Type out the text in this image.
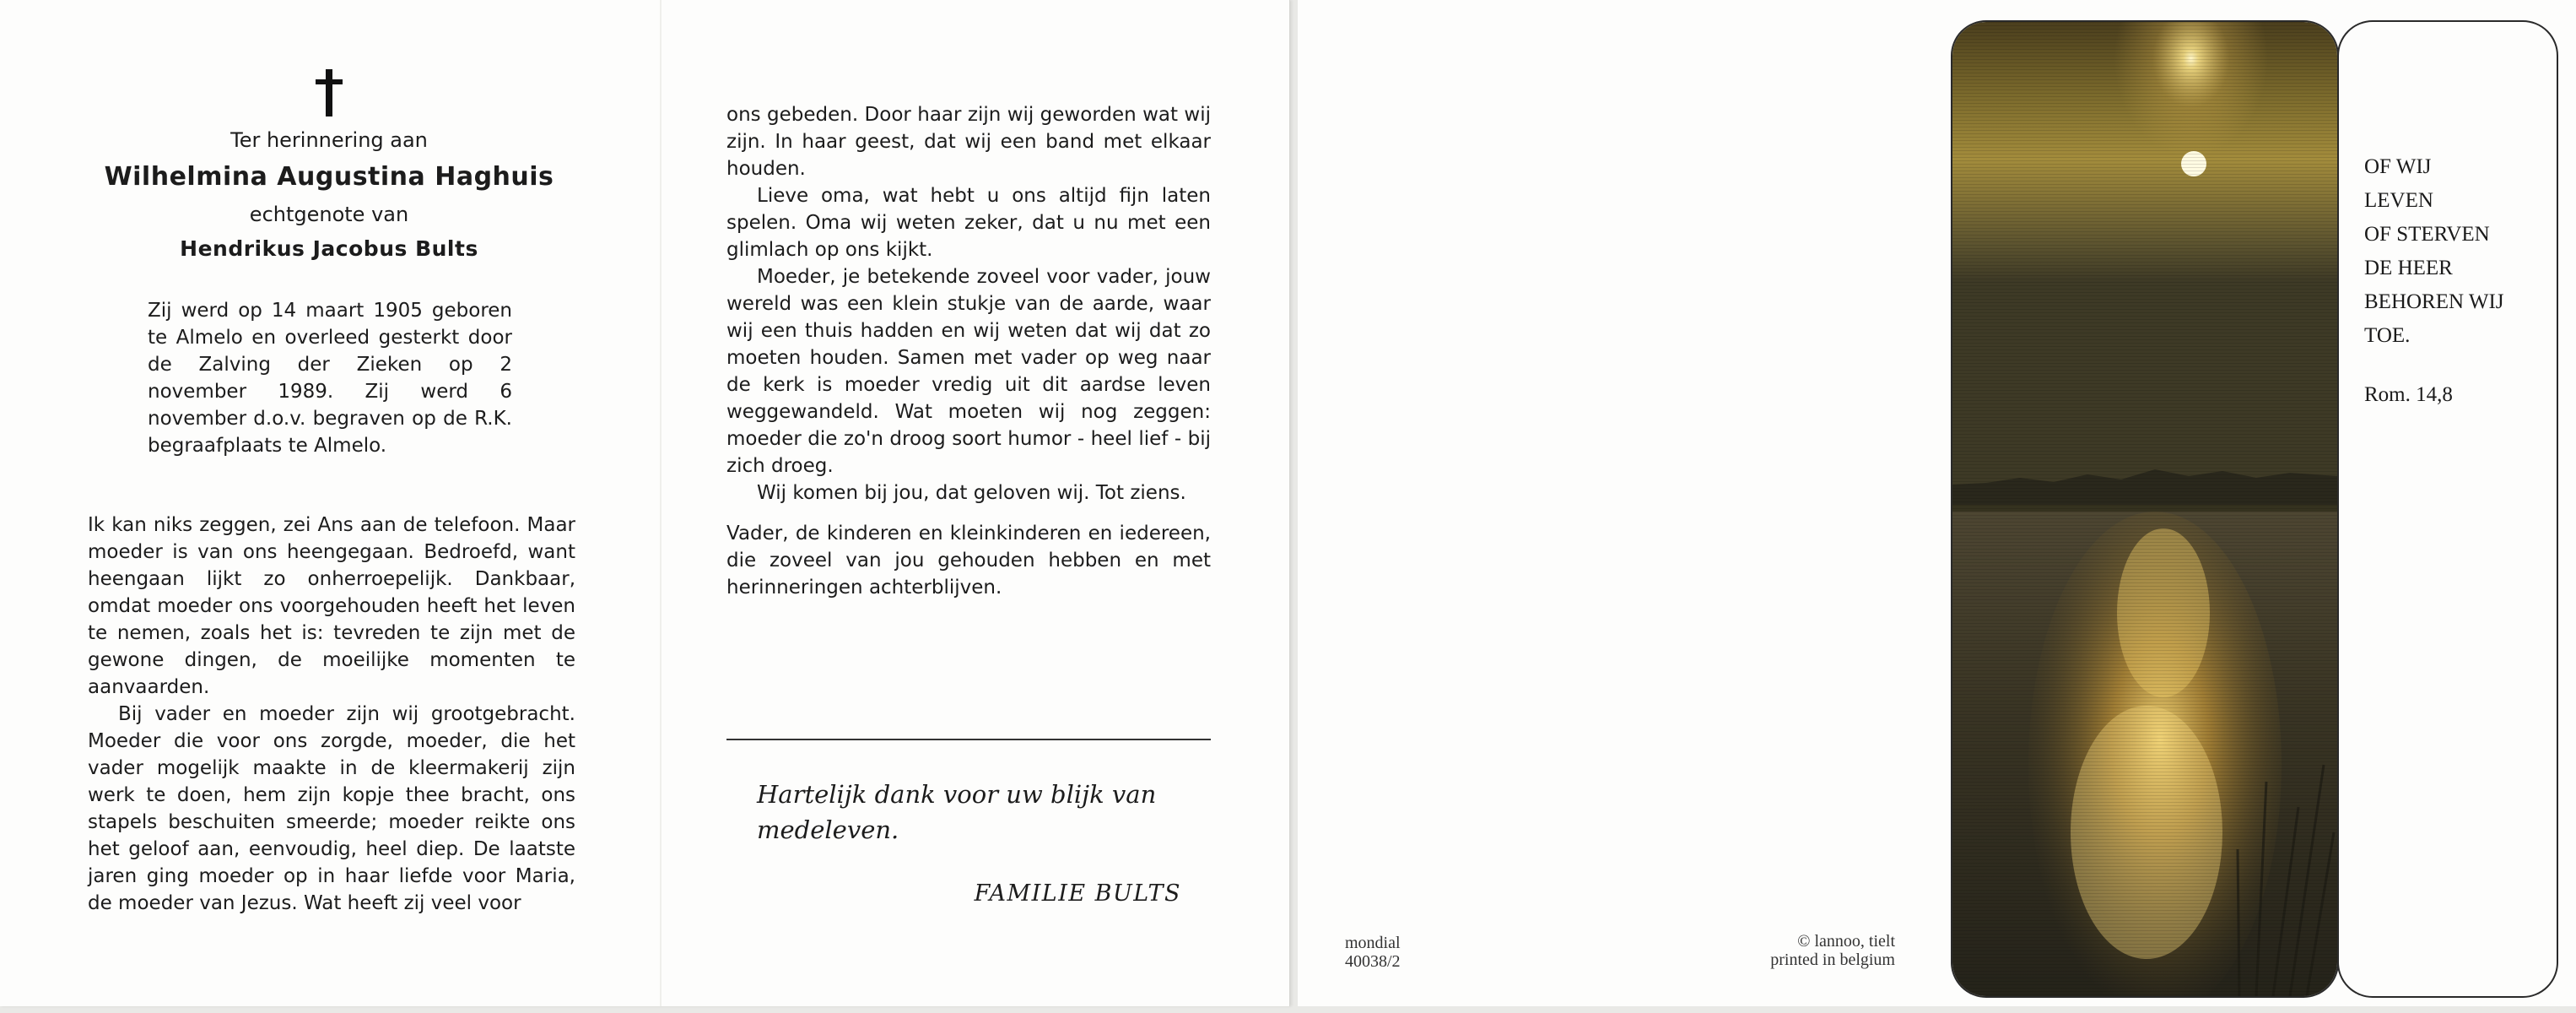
Ter herinnering aan
Wilhelmina Augustina Haghuis
echtgenote van
Hendrikus Jacobus Bults
Zij werd op 14 maart 1905 geboren te Almelo en overleed gesterkt door de Zalving der Zieken op 2 november 1989. Zij werd 6 november d.o.v. begraven op de R.K. begraafplaats te Almelo.

Ik kan niks zeggen, zei Ans aan de telefoon. Maar moeder is van ons heengegaan. Bedroefd, want heengaan lijkt zo onherroepelijk. Dankbaar, omdat moeder ons voorgehouden heeft het leven te nemen, zoals het is: tevreden te zijn met de gewone dingen, de moeilijke momenten te aanvaarden.

Bij vader en moeder zijn wij grootgebracht. Moeder die voor ons zorgde, moeder, die het vader mogelijk maakte in de kleermakerij zijn werk te doen, hem zijn kopje thee bracht, ons stapels beschuiten smeerde; moeder reikte ons het geloof aan, eenvoudig, heel diep. De laatste jaren ging moeder op in haar liefde voor Maria, de moeder van Jezus. Wat heeft zij veel voor

ons gebeden. Door haar zijn wij geworden wat wij zijn. In haar geest, dat wij een band met elkaar houden.

Lieve oma, wat hebt u ons altijd fijn laten spelen. Oma wij weten zeker, dat u nu met een glimlach op ons kijkt.

Moeder, je betekende zoveel voor vader, jouw wereld was een klein stukje van de aarde, waar wij een thuis hadden en wij weten dat wij dat zo moeten houden. Samen met vader op weg naar de kerk is moeder vredig uit dit aardse leven weggewandeld. Wat moeten wij nog zeggen: moeder die zo'n droog soort humor - heel lief - bij zich droeg.

Wij komen bij jou, dat geloven wij. Tot ziens.

Vader, de kinderen en kleinkinderen en iedereen, die zoveel van jou gehouden hebben en met herinneringen achterblijven.

Hartelijk dank voor uw blijk van medeleven.
FAMILIE BULTS
mondial
40038/2
© lannoo, tielt
printed in belgium
OF WIJ
LEVEN
OF STERVEN
DE HEER
BEHOREN WIJ
TOE.
Rom. 14,8
